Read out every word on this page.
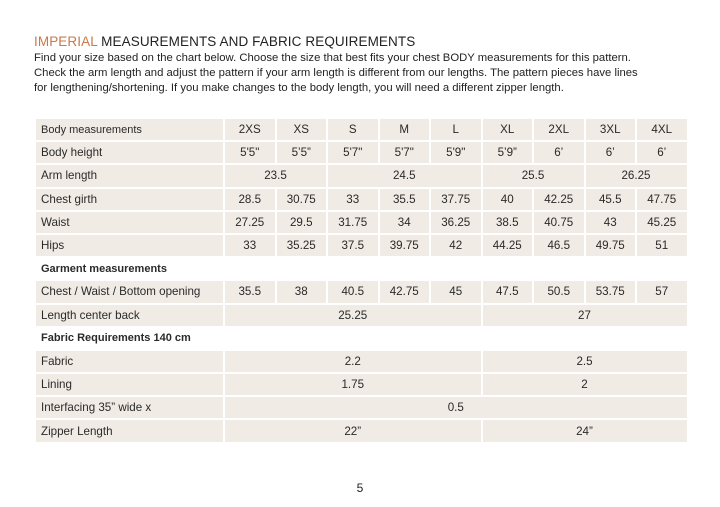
IMPERIAL MEASUREMENTS AND FABRIC REQUIREMENTS
Find your size based on the chart below. Choose the size that best fits your chest BODY measurements for this pattern.
Check the arm length and adjust the pattern if your arm length is different from our lengths. The pattern pieces have lines
for lengthening/shortening. If you make changes to the body length, you will need a different zipper length.
Body measurements	2XS	XS	S	M	L	XL	2XL	3XL	4XL
Body height	5'5"	5’5”	5'7"	5'7"	5'9"	5’9”	6’	6’	6’
Arm length	23.5		24.5			25.5		26.25	
Chest girth	28.5	30.75	33	35.5	37.75	40	42.25	45.5	47.75
Waist	27.25	29.5	31.75	34	36.25	38.5	40.75	43	45.25
Hips	33	35.25	37.5	39.75	42	44.25	46.5	49.75	51
Garment measurements									
Chest / Waist / Bottom opening	35.5	38	40.5	42.75	45	47.5	50.5	53.75	57
Length center back	25.25					27			
Fabric Requirements 140 cm									
Fabric	2.2					2.5			
Lining	1.75					2			
Interfacing 35” wide x	0.5								
Zipper Length	22”					24”			
5
